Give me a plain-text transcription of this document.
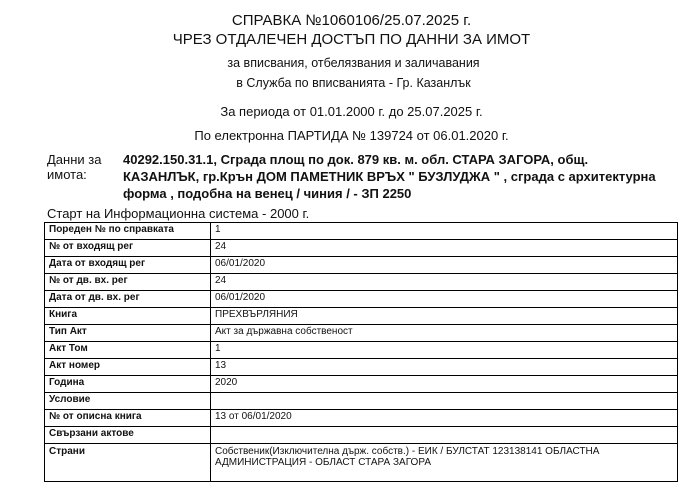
СПРАВКА №1060106/25.07.2025 г.
ЧРЕЗ ОТДАЛЕЧЕН ДОСТЪП ПО ДАННИ ЗА ИМОТ
за вписвания, отбелязвания и заличавания
в Служба по вписванията - Гр. Казанлък
За периода от 01.01.2000 г. до 25.07.2025 г.
По електронна ПАРТИДА № 139724 от 06.01.2020 г.
Данни за имота:
40292.150.31.1, Сграда площ по док. 879 кв. м. обл. СТАРА ЗАГОРА, общ. КАЗАНЛЪК, гр.Крън ДОМ ПАМЕТНИК ВРЪХ " БУЗЛУДЖА " , сграда с архитектурна форма , подобна на венец / чиния / - ЗП 2250
Старт на Информационна система - 2000 г.
Пореден № по справката	1
№ от входящ рег	24
Дата от входящ рег	06/01/2020
№ от дв. вх. рег	24
Дата от дв. вх. рег	06/01/2020
Книга	ПРЕХВЪРЛЯНИЯ
Тип Акт	Акт за държавна собственост
Акт Том	1
Акт номер	13
Година	2020
Условие	
№ от описна книга	13 от 06/01/2020
Свързани актове	
Страни	Собственик(Изключителна държ. собств.) - ЕИК / БУЛСТАТ 123138141 ОБЛАСТНА АДМИНИСТРАЦИЯ - ОБЛАСТ СТАРА ЗАГОРА
